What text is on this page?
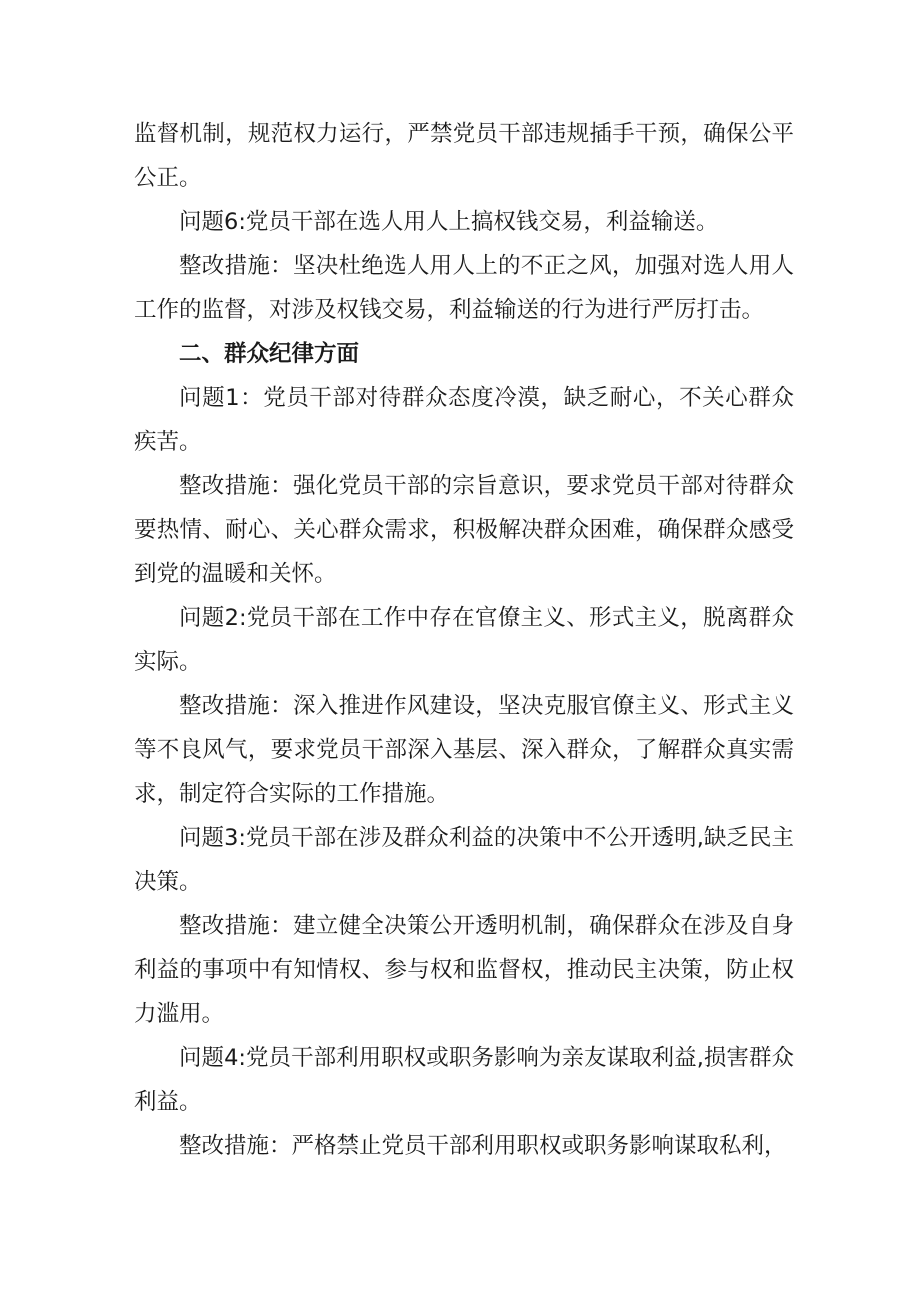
监督机制，规范权力运行，严禁党员干部违规插手干预，确保公平公正。

问题6:党员干部在选人用人上搞权钱交易，利益输送。

整改措施：坚决杜绝选人用人上的不正之风，加强对选人用人工作的监督，对涉及权钱交易，利益输送的行为进行严厉打击。

二、群众纪律方面

问题1：党员干部对待群众态度冷漠，缺乏耐心，不关心群众疾苦。

整改措施：强化党员干部的宗旨意识，要求党员干部对待群众要热情、耐心、关心群众需求，积极解决群众困难，确保群众感受到党的温暖和关怀。

问题2:党员干部在工作中存在官僚主义、形式主义，脱离群众实际。

整改措施：深入推进作风建设，坚决克服官僚主义、形式主义等不良风气，要求党员干部深入基层、深入群众，了解群众真实需求，制定符合实际的工作措施。

问题3:党员干部在涉及群众利益的决策中不公开透明,缺乏民主决策。

整改措施：建立健全决策公开透明机制，确保群众在涉及自身利益的事项中有知情权、参与权和监督权，推动民主决策，防止权力滥用。

问题4:党员干部利用职权或职务影响为亲友谋取利益,损害群众利益。

整改措施：严格禁止党员干部利用职权或职务影响谋取私利，
